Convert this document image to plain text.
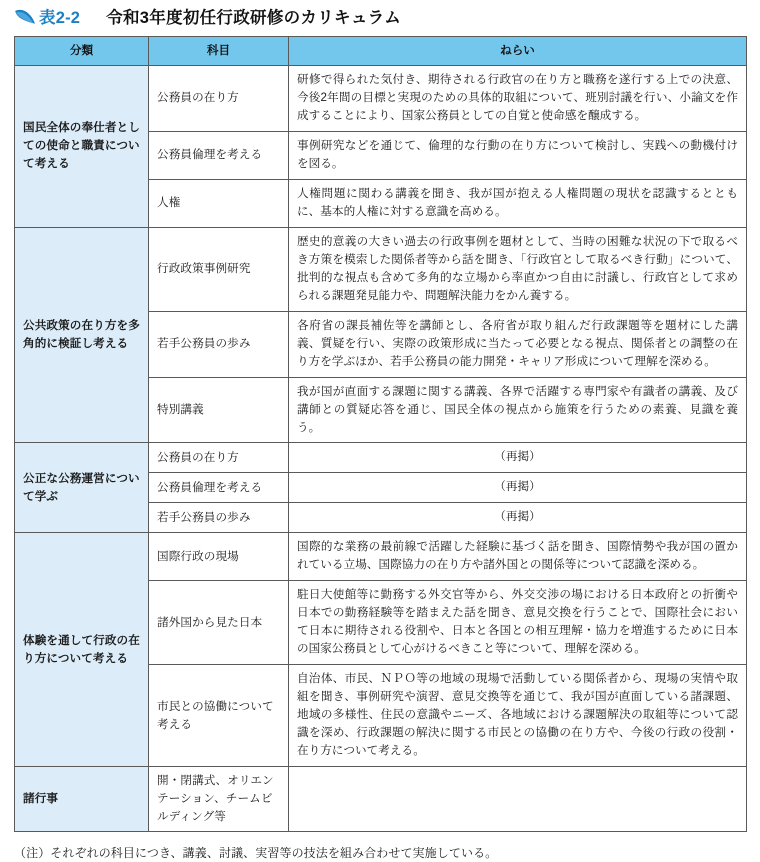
表2-2 令和3年度初任行政研修のカリキュラム
分類	科目	ねらい
国民全体の奉仕者としての使命と職責について考える	公務員の在り方	研修で得られた気付き、期待される行政官の在り方と職務を遂行する上での決意、今後2年間の目標と実現のための具体的取組について、班別討議を行い、小論文を作成することにより、国家公務員としての自覚と使命感を醸成する。
	公務員倫理を考える	事例研究などを通じて、倫理的な行動の在り方について検討し、実践への動機付けを図る。
	人権	人権問題に関わる講義を聞き、我が国が抱える人権問題の現状を認識するとともに、基本的人権に対する意識を高める。
公共政策の在り方を多角的に検証し考える	行政政策事例研究	歴史的意義の大きい過去の行政事例を題材として、当時の困難な状況の下で取るべき方策を模索した関係者等から話を聞き、「行政官として取るべき行動」について、批判的な視点も含めて多角的な立場から率直かつ自由に討議し、行政官として求められる課題発見能力や、問題解決能力をかん養する。
	若手公務員の歩み	各府省の課長補佐等を講師とし、各府省が取り組んだ行政課題等を題材にした講義、質疑を行い、実際の政策形成に当たって必要となる視点、関係者との調整の在り方を学ぶほか、若手公務員の能力開発・キャリア形成について理解を深める。
	特別講義	我が国が直面する課題に関する講義、各界で活躍する専門家や有識者の講義、及び講師との質疑応答を通じ、国民全体の視点から施策を行うための素養、見識を養う。
公正な公務運営について学ぶ	公務員の在り方	（再掲）
	公務員倫理を考える	（再掲）
	若手公務員の歩み	（再掲）
体験を通して行政の在り方について考える	国際行政の現場	国際的な業務の最前線で活躍した経験に基づく話を聞き、国際情勢や我が国の置かれている立場、国際協力の在り方や諸外国との関係等について認識を深める。
	諸外国から見た日本	駐日大使館等に勤務する外交官等から、外交交渉の場における日本政府との折衝や日本での勤務経験等を踏まえた話を聞き、意見交換を行うことで、国際社会において日本に期待される役割や、日本と各国との相互理解・協力を増進するために日本の国家公務員として心がけるべきこと等について、理解を深める。
	市民との協働について考える	自治体、市民、ＮＰＯ等の地域の現場で活動している関係者から、現場の実情や取組を聞き、事例研究や演習、意見交換等を通じて、我が国が直面している諸課題、地域の多様性、住民の意識やニーズ、各地域における課題解決の取組等について認識を深め、行政課題の解決に関する市民との協働の在り方や、今後の行政の役割・在り方について考える。
諸行事	開・閉講式、オリエンテーション、チームビルディング等	
（注）それぞれの科目につき、講義、討議、実習等の技法を組み合わせて実施している。
